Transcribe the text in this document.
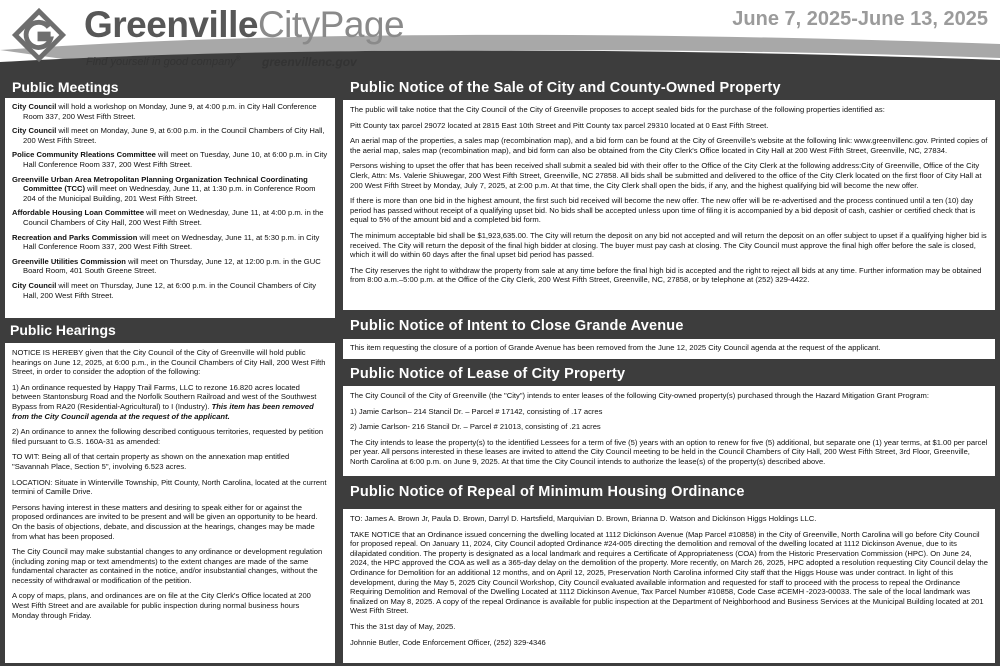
GreenvilleCityPage
Find yourself in good company® greenvillenc.gov
June 7, 2025-June 13, 2025
Public Meetings

City Council will hold a workshop on Monday, June 9, at 4:00 p.m. in City Hall Conference Room 337, 200 West Fifth Street.

City Council will meet on Monday, June 9, at 6:00 p.m. in the Council Chambers of City Hall, 200 West Fifth Street.

Police Community Rleations Committee will meet on Tuesday, June 10, at 6:00 p.m. in City Hall Conference Room 337, 200 West Fifth Street.

Greenville Urban Area Metropolitan Planning Organization Technical Coordinating Committee (TCC) will meet on Wednesday, June 11, at 1:30 p.m. in Conference Room 204 of the Municipal Building, 201 West Fifth Street.

Affordable Housing Loan Committee will meet on Wednesday, June 11, at 4:00 p.m. in the Council Chambers of City Hall, 200 West Fifth Street.

Recreation and Parks Commission will meet on Wednesday, June 11, at 5:30 p.m. in City Hall Conference Room 337, 200 West Fifth Street.

Greenville Utilities Commission will meet on Thursday, June 12, at 12:00 p.m. in the GUC Board Room, 401 South Greene Street.

City Council will meet on Thursday, June 12, at 6:00 p.m. in the Council Chambers of City Hall, 200 West Fifth Street.

Public Hearings

NOTICE IS HEREBY given that the City Council of the City of Greenville will hold public hearings on June 12, 2025, at 6:00 p.m., in the Council Chambers of City Hall, 200 West Fifth Street, in order to consider the adoption of the following:

1) An ordinance requested by Happy Trail Farms, LLC to rezone 16.820 acres located between Stantonsburg Road and the Norfolk Southern Railroad and west of the Southwest Bypass from RA20 (Residential-Agricultural) to I (Industry). This item has been removed from the City Council agenda at the request of the applicant.

2) An ordinance to annex the following described contiguous territories, requested by petition filed pursuant to G.S. 160A-31 as amended:

TO WIT: Being all of that certain property as shown on the annexation map entitled "Savannah Place, Section 5", involving 6.523 acres.

LOCATION: Situate in Winterville Township, Pitt County, North Carolina, located at the current termini of Camille Drive.

Persons having interest in these matters and desiring to speak either for or against the proposed ordinances are invited to be present and will be given an opportunity to be heard. On the basis of objections, debate, and discussion at the hearings, changes may be made from what has been proposed.

The City Council may make substantial changes to any ordinance or development regulation (including zoning map or text amendments) to the extent changes are made of the same fundamental character as contained in the notice, and/or insubstantial changes, without the necessity of withdrawal or modification of the petition.

A copy of maps, plans, and ordinances are on file at the City Clerk's Office located at 200 West Fifth Street and are available for public inspection during normal business hours Monday through Friday.

Public Notice of the Sale of City and County-Owned Property

The public will take notice that the City Council of the City of Greenville proposes to accept sealed bids for the purchase of the following properties identified as:

Pitt County tax parcel 29072 located at 2815 East 10th Street and Pitt County tax parcel 29310 located at 0 East Fifth Street.

An aerial map of the properties, a sales map (recombination map), and a bid form can be found at the City of Greenville's website at the following link: www.greenvillenc.gov. Printed copies of the aerial map, sales map (recombination map), and bid form can also be obtained from the City Clerk's Office located in City Hall at 200 West Fifth Street, Greenville, NC, 27834.

Persons wishing to upset the offer that has been received shall submit a sealed bid with their offer to the Office of the City Clerk at the following address:City of Greenville, Office of the City Clerk, Attn: Ms. Valerie Shiuwegar, 200 West Fifth Street, Greenville, NC 27858. All bids shall be submitted and delivered to the office of the City Clerk located on the first floor of City Hall at 200 West Fifth Street by Monday, July 7, 2025, at 2:00 p.m. At that time, the City Clerk shall open the bids, if any, and the highest qualifying bid will become the new offer.

If there is more than one bid in the highest amount, the first such bid received will become the new offer. The new offer will be re-advertised and the process continued until a ten (10) day period has passed without receipt of a qualifying upset bid. No bids shall be accepted unless upon time of filing it is accompanied by a bid deposit of cash, cashier or certified check that is equal to 5% of the amount bid and a completed bid form.

The minimum acceptable bid shall be $1,923,635.00. The City will return the deposit on any bid not accepted and will return the deposit on an offer subject to upset if a qualifying higher bid is received. The City will return the deposit of the final high bidder at closing. The buyer must pay cash at closing. The City Council must approve the final high offer before the sale is closed, which it will do within 60 days after the final upset bid period has passed.

The City reserves the right to withdraw the property from sale at any time before the final high bid is accepted and the right to reject all bids at any time. Further information may be obtained from 8:00 a.m.–5:00 p.m. at the Office of the City Clerk, 200 West Fifth Street, Greenville, NC, 27858, or by telephone at (252) 329-4422.

Public Notice of Intent to Close Grande Avenue

This item requesting the closure of a portion of Grande Avenue has been removed from the June 12, 2025 City Council agenda at the request of the applicant.

Public Notice of Lease of City Property

The City Council of the City of Greenville (the "City") intends to enter leases of the following City-owned property(s) purchased through the Hazard Mitigation Grant Program:

1) Jamie Carlson– 214 Stancil Dr. – Parcel # 17142, consisting of .17 acres

2) Jamie Carlson- 216 Stancil Dr. – Parcel # 21013, consisting of .21 acres

The City intends to lease the property(s) to the identified Lessees for a term of five (5) years with an option to renew for five (5) additional, but separate one (1) year terms, at $1.00 per parcel per year. All persons interested in these leases are invited to attend the City Council meeting to be held in the Council Chambers of City Hall, 200 West Fifth Street, 3rd Floor, Greenville, North Carolina at 6:00 p.m. on June 9, 2025. At that time the City Council intends to authorize the lease(s) of the property(s) described above.

Public Notice of Repeal of Minimum Housing Ordinance

TO: James A. Brown Jr, Paula D. Brown, Darryl D. Hartsfield, Marquivian D. Brown, Brianna D. Watson and Dickinson Higgs Holdings LLC.

TAKE NOTICE that an Ordinance issued concerning the dwelling located at 1112 Dickinson Avenue (Map Parcel #10858) in the City of Greenville, North Carolina will go before City Council for proposed repeal. On January 11, 2024, City Council adopted Ordinance #24-005 directing the demolition and removal of the dwelling located at 1112 Dickinson Avenue, due to its dilapidated condition. The property is designated as a local landmark and requires a Certificate of Appropriateness (COA) from the Historic Preservation Commission (HPC). On June 24, 2024, the HPC approved the COA as well as a 365-day delay on the demolition of the property. More recently, on March 26, 2025, HPC adopted a resolution requesting City Council delay the Ordinance for Demolition for an additional 12 months, and on April 12, 2025, Preservation North Carolina informed City staff that the Higgs House was under contract. In light of this development, during the May 5, 2025 City Council Workshop, City Council evaluated available information and requested for staff to proceed with the process to repeal the Ordinance Requiring Demolition and Removal of the Dwelling Located at 1112 Dickinson Avenue, Tax Parcel Number #10858, Code Case #CEMH -2023-00033. The sale of the local landmark was finalized on May 8, 2025. A copy of the repeal Ordinance is available for public inspection at the Department of Neighborhood and Business Services at the Municipal Building located at 201 West Fifth Street.

This the 31st day of May, 2025.

Johnnie Butler, Code Enforcement Officer, (252) 329-4346
